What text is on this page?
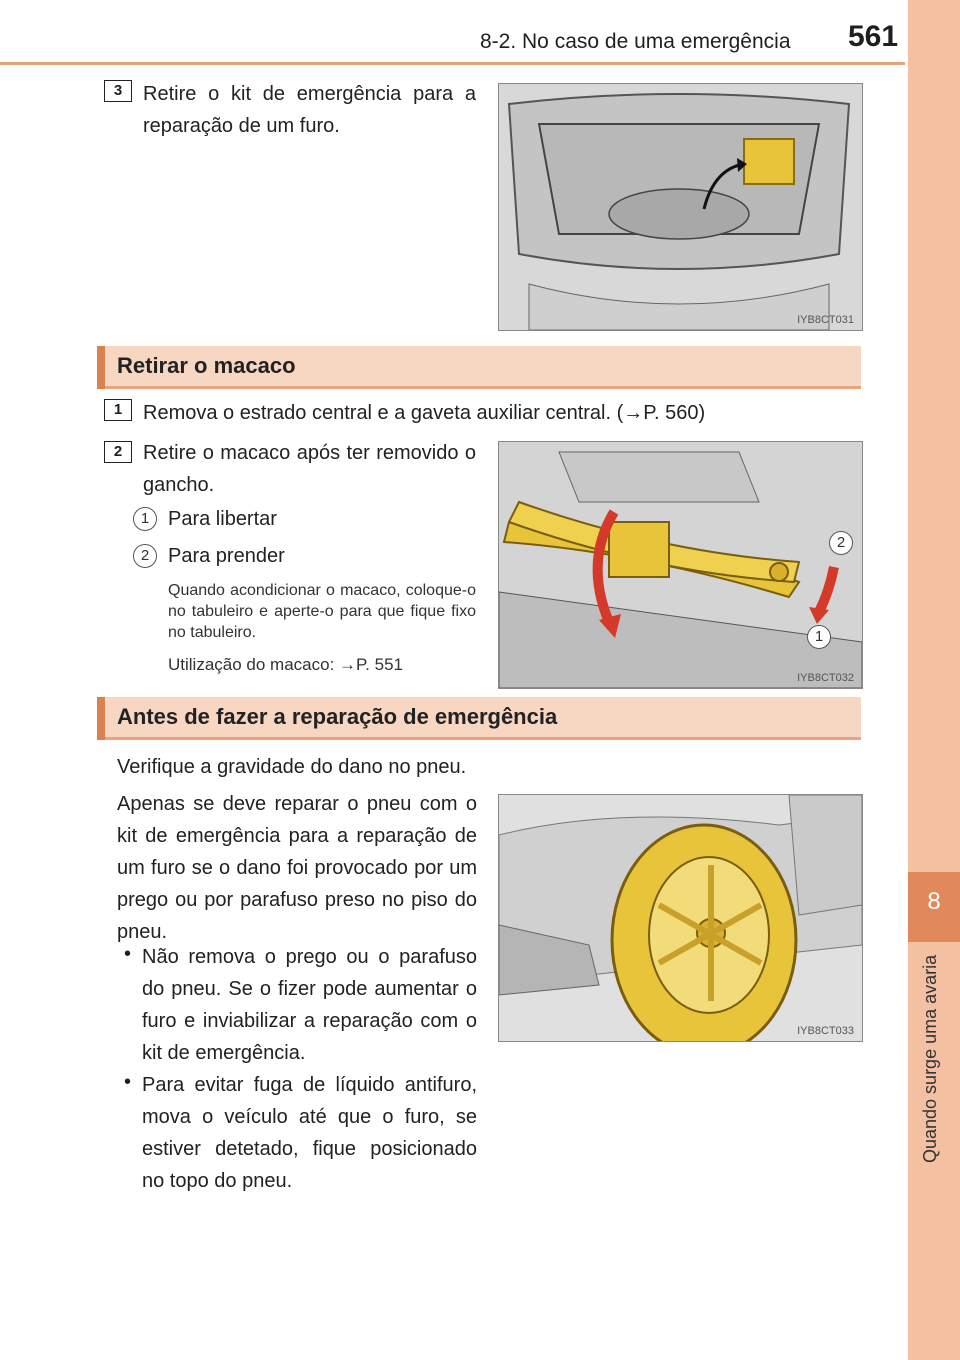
8-2. No caso de uma emergência 561
8
Quando surge uma avaria
3	Retire o kit de emergência para a reparação de um furo.
IYB8CT031
Retirar o macaco
1	Remova o estrado central e a gaveta auxiliar central. (→P. 560)
2	Retire o macaco após ter removido o gancho.
1 Para libertar
2 Para prender
Quando acondicionar o macaco, coloque-o no tabuleiro e aperte-o para que fique fixo no tabuleiro.
Utilização do macaco: →P. 551
2
1
IYB8CT032
Antes de fazer a reparação de emergência
Verifique a gravidade do dano no pneu.
Apenas se deve reparar o pneu com o kit de emergência para a reparação de um furo se o dano foi provocado por um prego ou por parafuso preso no piso do pneu.
• Não remova o prego ou o parafuso do pneu. Se o fizer pode aumentar o furo e inviabilizar a reparação com o kit de emergência.
• Para evitar fuga de líquido antifuro, mova o veículo até que o furo, se estiver detetado, fique posicionado no topo do pneu.
IYB8CT033
